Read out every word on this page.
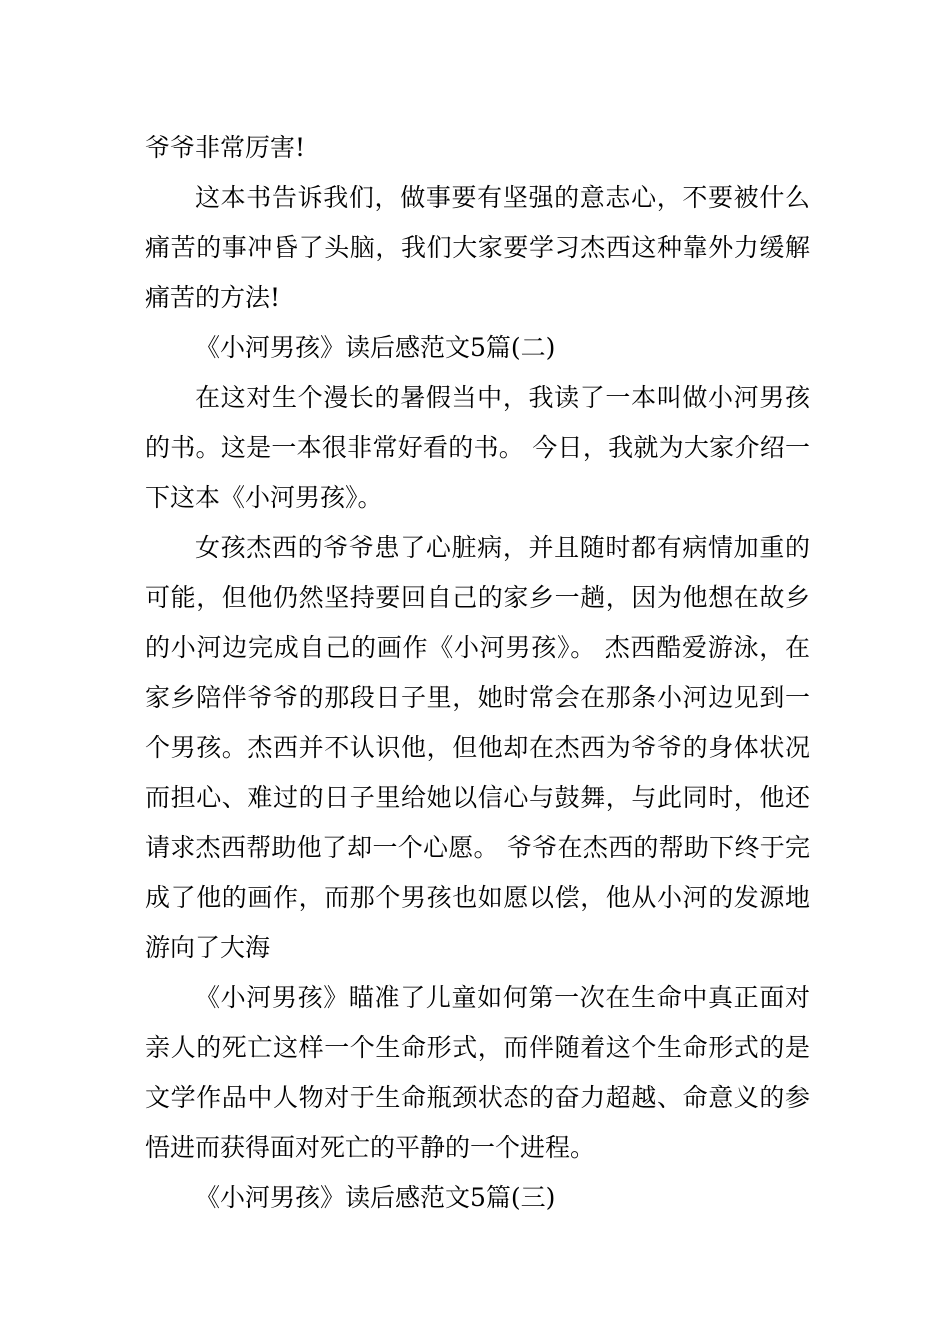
爷爷非常厉害!

这本书告诉我们，做事要有坚强的意志心，不要被什么痛苦的事冲昏了头脑，我们大家要学习杰西这种靠外力缓解痛苦的方法!

《小河男孩》读后感范文5篇(二)

在这对生个漫长的暑假当中，我读了一本叫做小河男孩的书。这是一本很非常好看的书。 今日，我就为大家介绍一下这本《小河男孩》。

女孩杰西的爷爷患了心脏病，并且随时都有病情加重的可能，但他仍然坚持要回自己的家乡一趟，因为他想在故乡的小河边完成自己的画作《小河男孩》。 杰西酷爱游泳，在家乡陪伴爷爷的那段日子里，她时常会在那条小河边见到一个男孩。杰西并不认识他，但他却在杰西为爷爷的身体状况而担心、难过的日子里给她以信心与鼓舞，与此同时，他还请求杰西帮助他了却一个心愿。 爷爷在杰西的帮助下终于完成了他的画作，而那个男孩也如愿以偿，他从小河的发源地游向了大海

《小河男孩》瞄准了儿童如何第一次在生命中真正面对亲人的死亡这样一个生命形式，而伴随着这个生命形式的是文学作品中人物对于生命瓶颈状态的奋力超越、命意义的参悟进而获得面对死亡的平静的一个进程。

《小河男孩》读后感范文5篇(三)
